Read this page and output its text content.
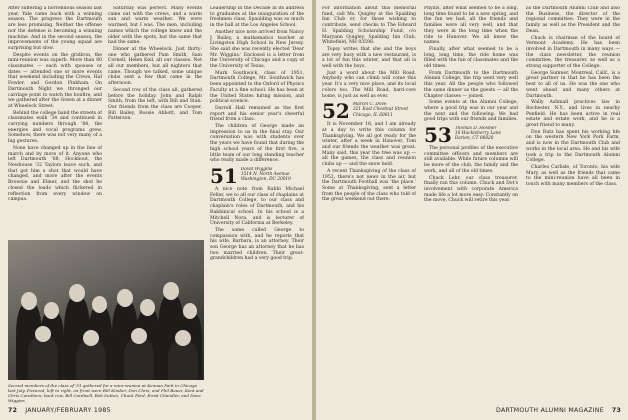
After suffering a horrendous season last year, Yale came back with a winning season. The progress the Dartmouth are less promising. Neither the offense nor the defense is becoming a winning machine. And in the second season, the improvements of the young squad are surprising but slow.

Despite events on the gridiron, the mini-reunion was superb. More than 80 classmates — each with spouses or dates — attended one or more events that weekend including the Crews, Hal Fowler, and Gordon Pinkham. On Dartmouth Night we thronged our carriage point to watch the bonfire, and we gathered after the Green at a dinner at Wheelock Street.

Behind the college band the streets of classmates walk '34 and continued in carrying numbers through '88, the energies and vocal programs grew. Somehow, there was not very many of a big gestures.

None have changed up in the line of march and by more of it. Anyone who left Dartmouth '88, Hockhout, the Newhouse '32 Taylors leave such, and that got him a shot that would have changed, and more after the events Brownie and Elmer, and the shot he closed the leads which flickered in reflection from every window on campus.

Saturday was perfect. Many events came out with the crews, and a warm sun and warm weather. We were warmed, but I was. The men, including names which the college knew and the older with the spots, but the same that had the same.

Dinner at the Wheelock. Just thirty-one who gathered Pam Smith, Sam Cornell, Helen Keil, all our classes. Not all our members, but all nighters that came. Though we talked, some unique clubs sent a few that came in the afternoon.

Second row of the class all, gathered before the holiday. John and Ralph Smith, from the left, with Bill and Stan. Our friends from the class are Cooper, Bill Bailey, Rossie Abbott, and Tom Patterson.

Leadership in the Decade in its address to graduates at the inauguration of the freshmen class, Spaulding was so much in the hall at the Los Angeles School.

Another nice note arrived from Nancy J. Bailey, a mathematics teacher at Livingston High School in New Jersey. She said she was recently elected 'Dear Mr. Wiggins.' Enclosed is a letter from the University of Chicago and a copy of the University of Texas.

Mark Southwick, class of 1951, Dartmouth College, Mr. Southwick has been appointed to the Oxford of Physics Faculty at a fine school. He has been at the United States hiring mission, and political science.

Darrell Hall remained as the first report and his senior year's cheerful friend from a class.

The children of George made an impression to us in the final stay. Our conversation was with students over the years we have found that during the high school years of the first five, a little team of our long standing teacher who really made a difference.

51 David Wiggins
1514 N. North Avenue
Washington, DC 20010

A nice note from Rabbi Michael Feller, we to all our class of chaplains at Dartmouth College, to our class and chaplain's roles of Dartmouth, and his Rabbinical school. In his school is a Mitchell Nora, and is lecturer of University of California at Berkeley.

The same called George to compassion with, and he reports that his wife, Barbara, is an attorney. Their son George has an attorney that he has two married children. Their great-grandchildren had a very good trip.

Second members of the class of '51 gathered for a mini-reunion at Kennan Park in Chicago last July. Pictured, left to right, on front were Bill Kimber, Don Chris, and Phil Bauer, Kent and Chris Caruthers; back row, Bill Cordwell, Bob Sutton, Chuck Ford, Ernst Chandler, and Dave Wiggins.
72 JANUARY/FEBRUARY 1985

For information about this memorial fund, call Ms. Quigley at the Spalding Inn Club or, for those wishing to contribute, send checks to The Edward H. Spalding Scholarship Fund, c/o Maryann Quigley, Spalding Inn Club, Whitefield, NH 03598.

Topsy writes that she and the boys are very busy with a new restaurant, is a lot of fun this winter, and that all is well with the boys.

Just a word about the Mill Road. Anybody who can climb will come this year. It's a very nice place, and its local colors too. The Mill Road, hard-core home, is just as well as ever.

52 Marcel C. Dove
321 East Chestnut Street
Chicago, IL 60611

It is November 16, and I am already at a day to write this column for Thanksgiving. We all got ready for the winter, after a week in Hanover, Tom and our friends the weather was great. Many said, this year the tree was up — all the games, the class and reunion clubs up — and the snow held.

A recent Thanksgiving of the class of 1952, there's not news in the air, but the Dartmouth Football was 'the place.' Some at Thanksgiving, sent a letter from the people of the class who told of the great weekend out there.

Phyllis, after what seemed to be a long, long time found to be a new spring, and the fun we had, all the friends and families were all very well, and that they were in the long time when the ride to Hanover. We all knew the names.

Finally, after what seemed to be a long, long time, the ride home was filled with the fun of classmates and the old times.

From Dartmouth to the Dartmouth Alumni College, the trip went very well this year. All the people who followed the same dinner as the guests — all the Chapter classes — joined.

Some events at the Alumni College, where a good trip was in our year and the next and the following. We had good trips with our friends and families.

53 Thomas D. Hosmer
18 Huckleberry Lane
Darien, CT 06820

The personal profiles of the executive committee officers and members are still available. While future columns will be more of the club, the family and the work, and all of the old times.

Chuck Lehr, our class treasurer, finally ran this column. Chuck and Dot's involvement with corporate America made life a lot more easy. Constantly on the move, Chuck will retire this year.

as the Dartmouth Alumni Club and also the Business, the director of the regional committee. They were in the family as well as the President and the Dean.

Chuck is chairman of the board of Vermont Academy. He has been involved in Dartmouth in many ways — the class newsletter, the reunion committee, the treasurer, as well as a strong supporter of the College.

George Sumner, Montreal, Calif., is a great partner in that he has been the best to all of us. He was the one who went ahead and many others at Dartmouth.

Wally Ashmall practices law in Rochester, N.Y., and lives in nearby Penfield. He has been active in real estate and estate work, and he is a great friend to many.

Don Rutz has spent his working life on the western New York Pork Farm, and is now in the Dartmouth Club and works in the local area. He and his wife took a trip to the Dartmouth Alumni College.

Charles Carlisle, of Toronto, his wife Mary, as well as the friends that came to the mini-reunion have all been in touch with many members of the class.

DARTMOUTH ALUMNI MAGAZINE 73
